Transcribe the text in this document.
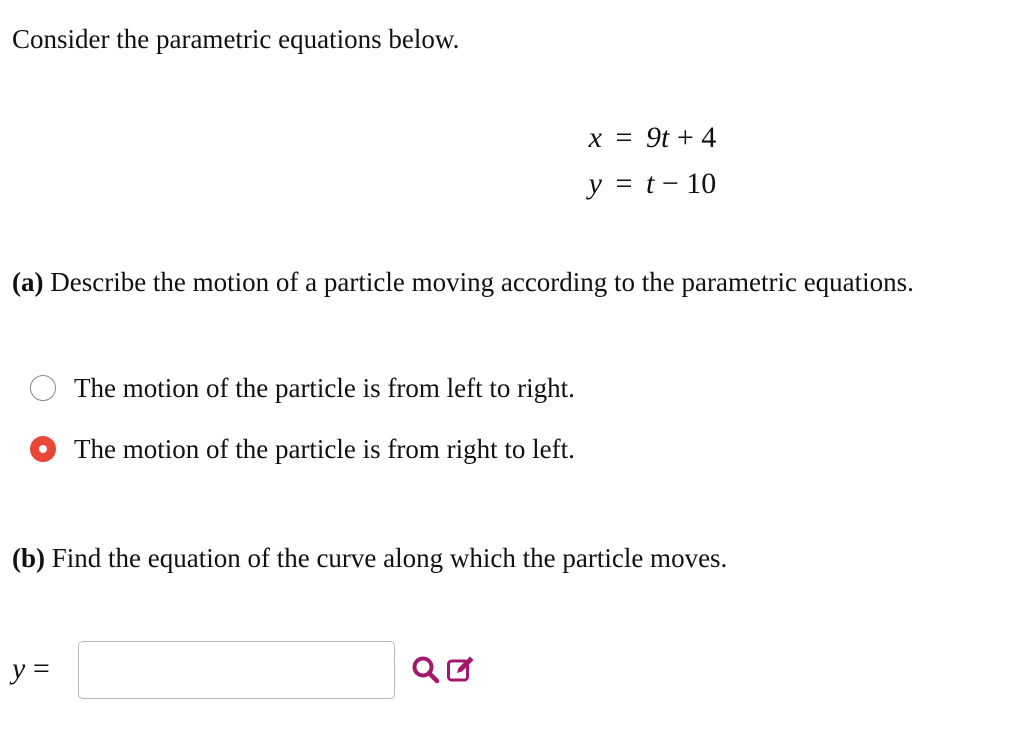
Consider the parametric equations below.
x = 9t + 4
y = t − 10
(a) Describe the motion of a particle moving according to the parametric equations.
The motion of the particle is from left to right.
The motion of the particle is from right to left.
(b) Find the equation of the curve along which the particle moves.
y =
